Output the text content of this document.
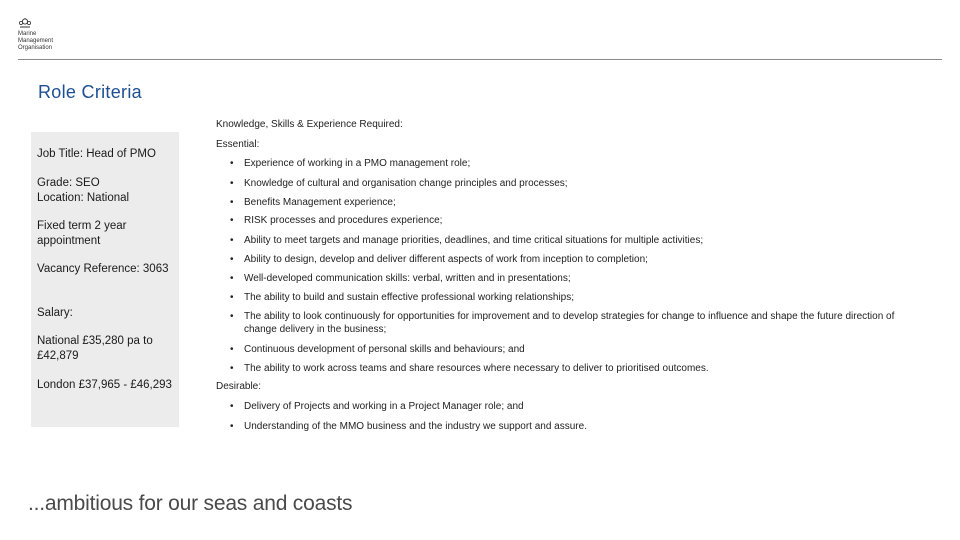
Marine
Management
Organisation
Role Criteria
Job Title: Head of PMO
Grade: SEO
Location: National
Fixed term 2 year appointment
Vacancy Reference: 3063
Salary:
National £35,280 pa to £42,879
London £37,965 - £46,293
Knowledge, Skills & Experience Required:
Essential:
• Experience of working in a PMO management role;
• Knowledge of cultural and organisation change principles and processes;
• Benefits Management experience;
• RISK processes and procedures experience;
• Ability to meet targets and manage priorities, deadlines, and time critical situations for multiple activities;
• Ability to design, develop and deliver different aspects of work from inception to completion;
• Well-developed communication skills: verbal, written and in presentations;
• The ability to build and sustain effective professional working relationships;
• The ability to look continuously for opportunities for improvement and to develop strategies for change to influence and shape the future direction of change delivery in the business;
• Continuous development of personal skills and behaviours; and
• The ability to work across teams and share resources where necessary to deliver to prioritised outcomes.
Desirable:
• Delivery of Projects and working in a Project Manager role; and
• Understanding of the MMO business and the industry we support and assure.
...ambitious for our seas and coasts
